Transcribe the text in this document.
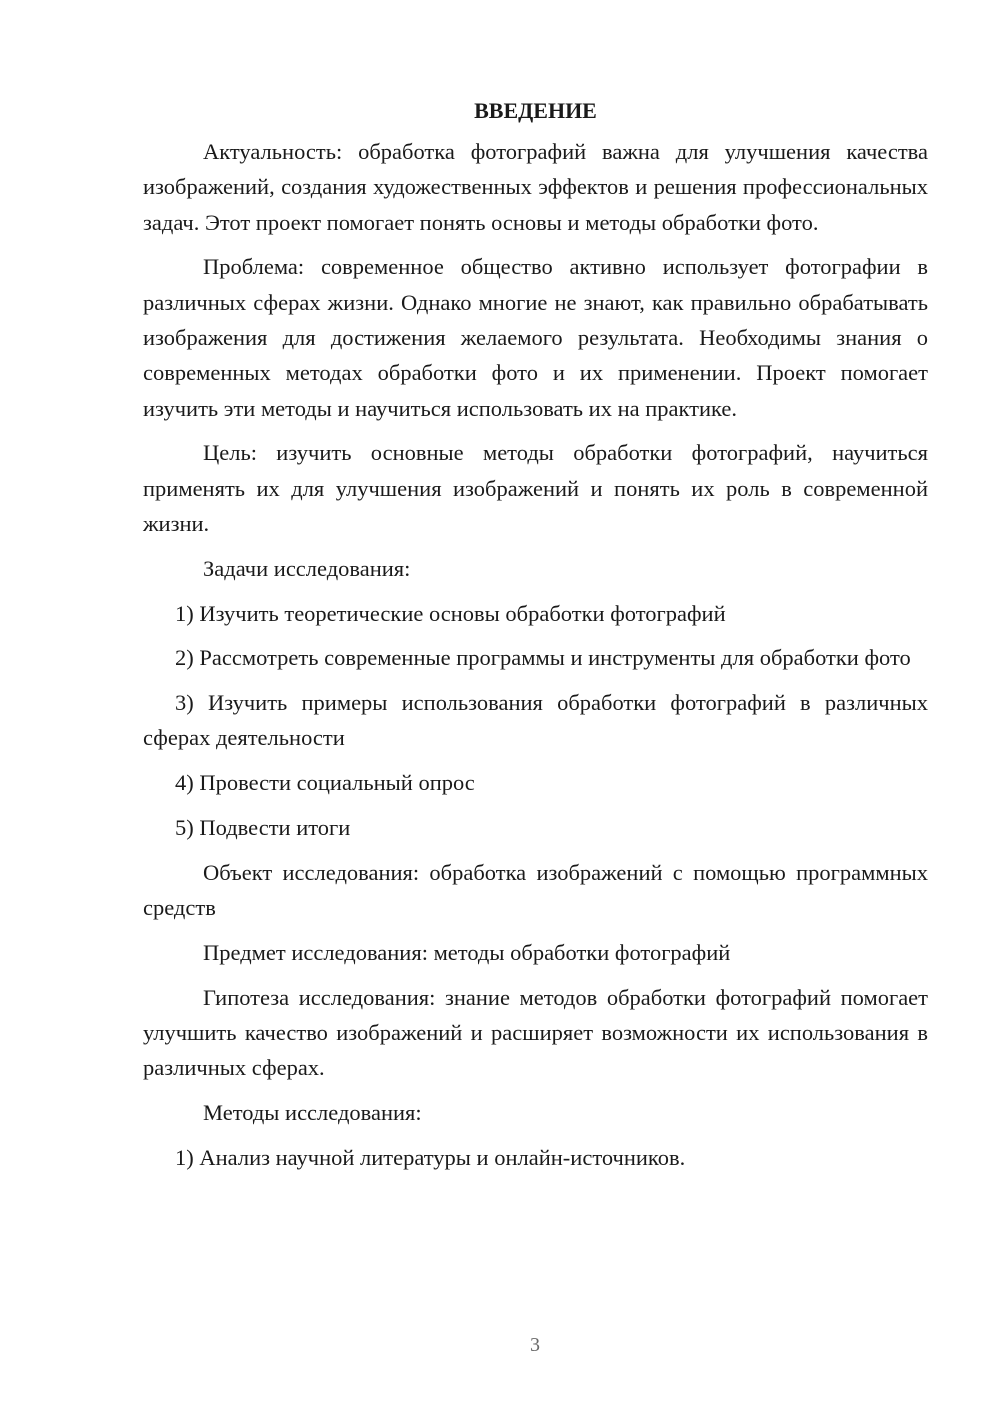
ВВЕДЕНИЕ

Актуальность: обработка фотографий важна для улучшения качества изображений, создания художественных эффектов и решения профессиональных задач. Этот проект помогает понять основы и методы обработки фото.

Проблема: современное общество активно использует фотографии в различных сферах жизни. Однако многие не знают, как правильно обрабатывать изображения для достижения желаемого результата. Необходимы знания о современных методах обработки фото и их применении. Проект помогает изучить эти методы и научиться использовать их на практике.

Цель: изучить основные методы обработки фотографий, научиться применять их для улучшения изображений и понять их роль в современной жизни.

Задачи исследования:

1) Изучить теоретические основы обработки фотографий

2) Рассмотреть современные программы и инструменты для обработки фото

3) Изучить примеры использования обработки фотографий в различных сферах деятельности

4) Провести социальный опрос

5) Подвести итоги

Объект исследования: обработка изображений с помощью программных средств

Предмет исследования: методы обработки фотографий

Гипотеза исследования: знание методов обработки фотографий помогает улучшить качество изображений и расширяет возможности их использования в различных сферах.

Методы исследования:

1) Анализ научной литературы и онлайн-источников.

3
